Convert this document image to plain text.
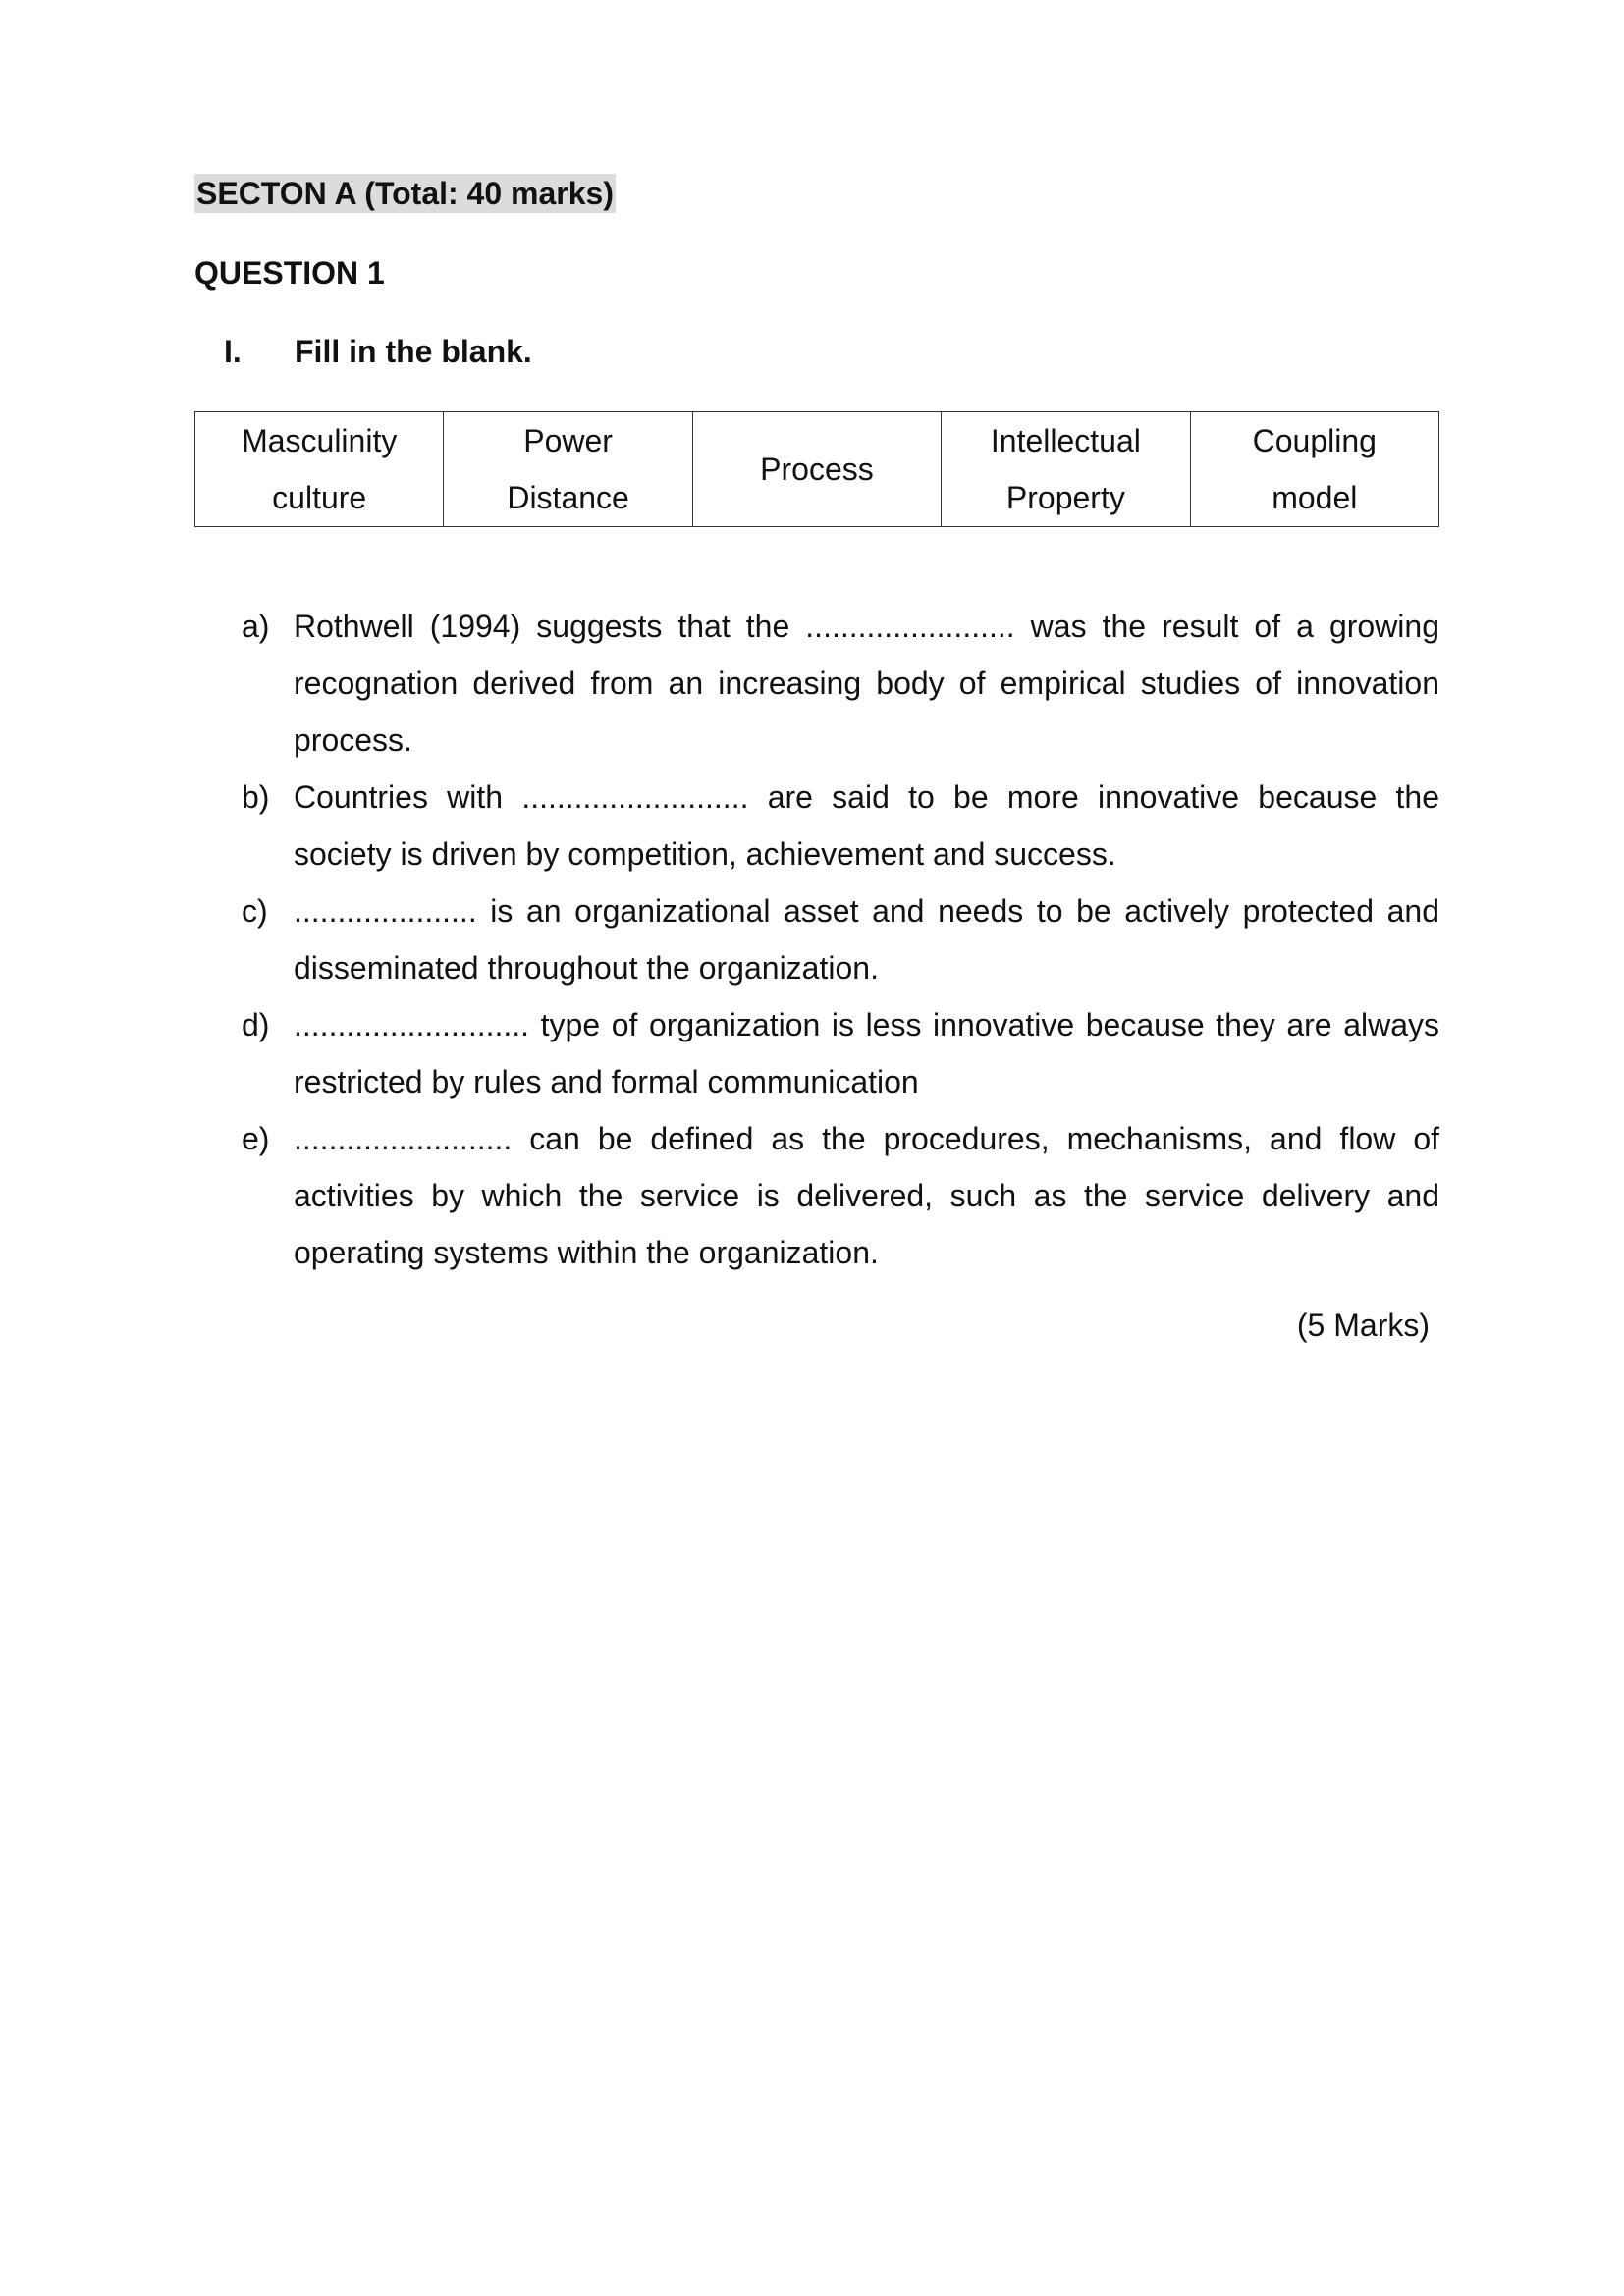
SECTON A (Total: 40 marks)
QUESTION 1
I. Fill in the blank.
Masculinity
culture

Power
Distance

Process

Intellectual
Property

Coupling
model
a) Rothwell (1994) suggests that the ........................ was the result of a growing recognation derived from an increasing body of empirical studies of innovation process.
b) Countries with .......................... are said to be more innovative because the society is driven by competition, achievement and success.
c) ..................... is an organizational asset and needs to be actively protected and disseminated throughout the organization.
d) ........................... type of organization is less innovative because they are always restricted by rules and formal communication
e) ......................... can be defined as the procedures, mechanisms, and flow of activities by which the service is delivered, such as the service delivery and operating systems within the organization.
(5 Marks)
